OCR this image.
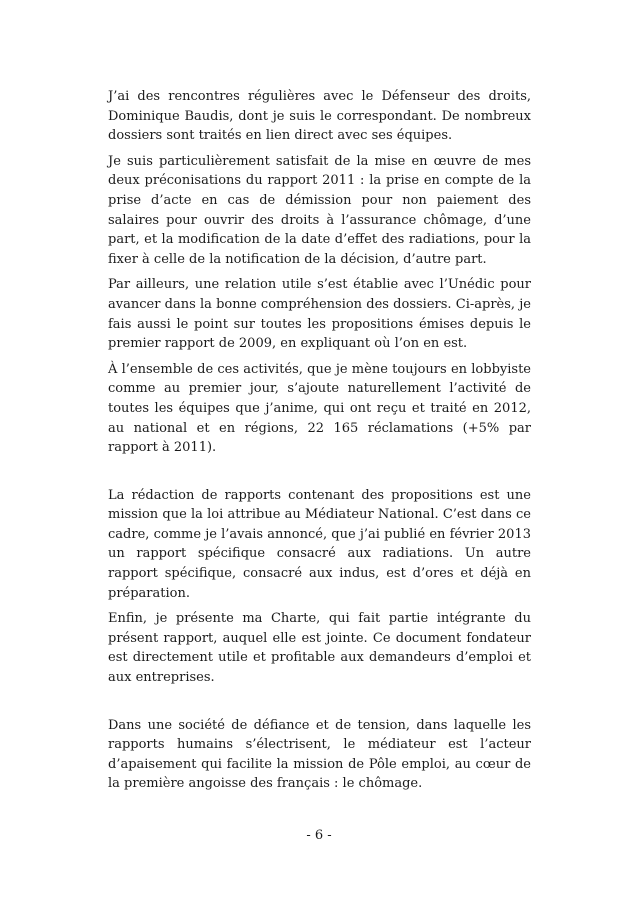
J’ai des rencontres régulières avec le Défenseur des droits, Dominique Baudis, dont je suis le correspondant. De nombreux dossiers sont traités en lien direct avec ses équipes.

Je suis particulièrement satisfait de la mise en œuvre de mes deux préconisations du rapport 2011 : la prise en compte de la prise d’acte en cas de démission pour non paiement des salaires pour ouvrir des droits à l’assurance chômage, d’une part, et la modification de la date d’effet des radiations, pour la fixer à celle de la notification de la décision, d’autre part.

Par ailleurs, une relation utile s’est établie avec l’Unédic pour avancer dans la bonne compréhension des dossiers. Ci-après, je fais aussi le point sur toutes les propositions émises depuis le premier rapport de 2009, en expliquant où l’on en est.

À l’ensemble de ces activités, que je mène toujours en lobbyiste comme au premier jour, s’ajoute naturellement l’activité de toutes les équipes que j’anime, qui ont reçu et traité en 2012, au national et en régions, 22 165 réclamations (+5% par rapport à 2011).

La rédaction de rapports contenant des propositions est une mission que la loi attribue au Médiateur National. C’est dans ce cadre, comme je l’avais annoncé, que j’ai publié en février 2013 un rapport spécifique consacré aux radiations. Un autre rapport spécifique, consacré aux indus, est d’ores et déjà en préparation.

Enfin, je présente ma Charte, qui fait partie intégrante du présent rapport, auquel elle est jointe. Ce document fondateur est directement utile et profitable aux demandeurs d’emploi et aux entreprises.

Dans une société de défiance et de tension, dans laquelle les rapports humains s’électrisent, le médiateur est l’acteur d’apaisement qui facilite la mission de Pôle emploi, au cœur de la première angoisse des français : le chômage.

- 6 -
